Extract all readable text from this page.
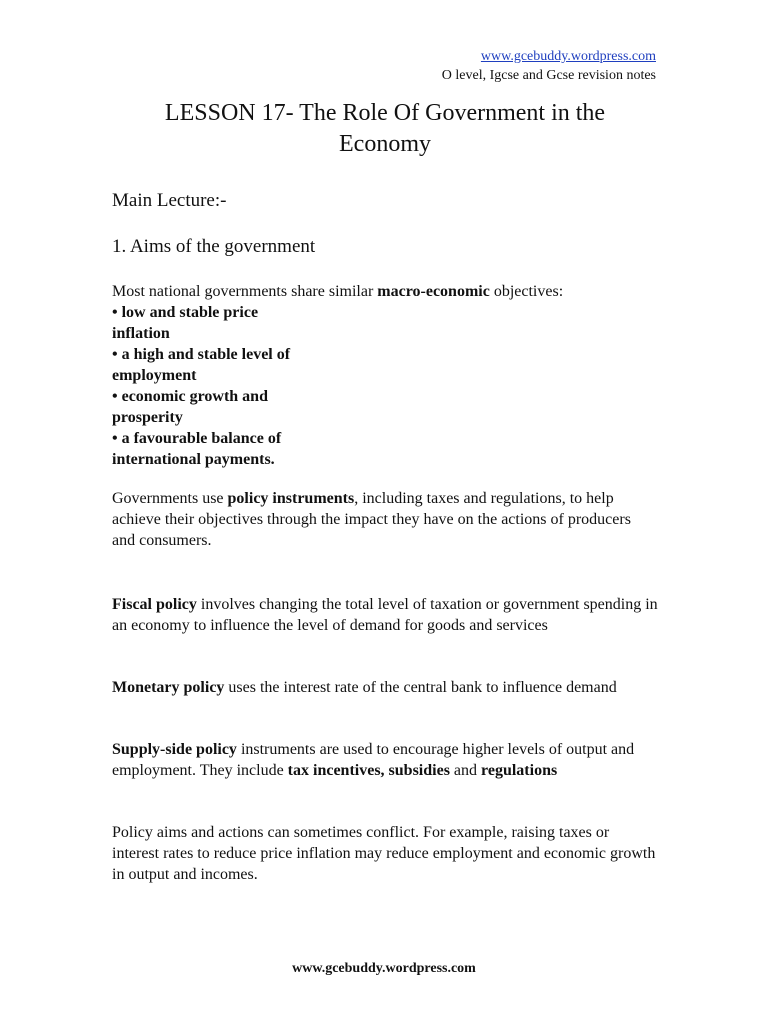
www.gcebuddy.wordpress.com
O level, Igcse and Gcse revision notes
LESSON 17- The Role Of Government in the
Economy

Main Lecture:-

1. Aims of the government

Most national governments share similar macro-economic objectives:

• low and stable price
inflation
• a high and stable level of
employment
• economic growth and
prosperity
• a favourable balance of
international payments.

Governments use policy instruments, including taxes and regulations, to help achieve their objectives through the impact they have on the actions of producers and consumers.

Fiscal policy involves changing the total level of taxation or government spending in an economy to influence the level of demand for goods and services

Monetary policy uses the interest rate of the central bank to influence demand

Supply-side policy instruments are used to encourage higher levels of output and employment. They include tax incentives, subsidies and regulations

Policy aims and actions can sometimes conflict. For example, raising taxes or interest rates to reduce price inflation may reduce employment and economic growth in output and incomes.

www.gcebuddy.wordpress.com
